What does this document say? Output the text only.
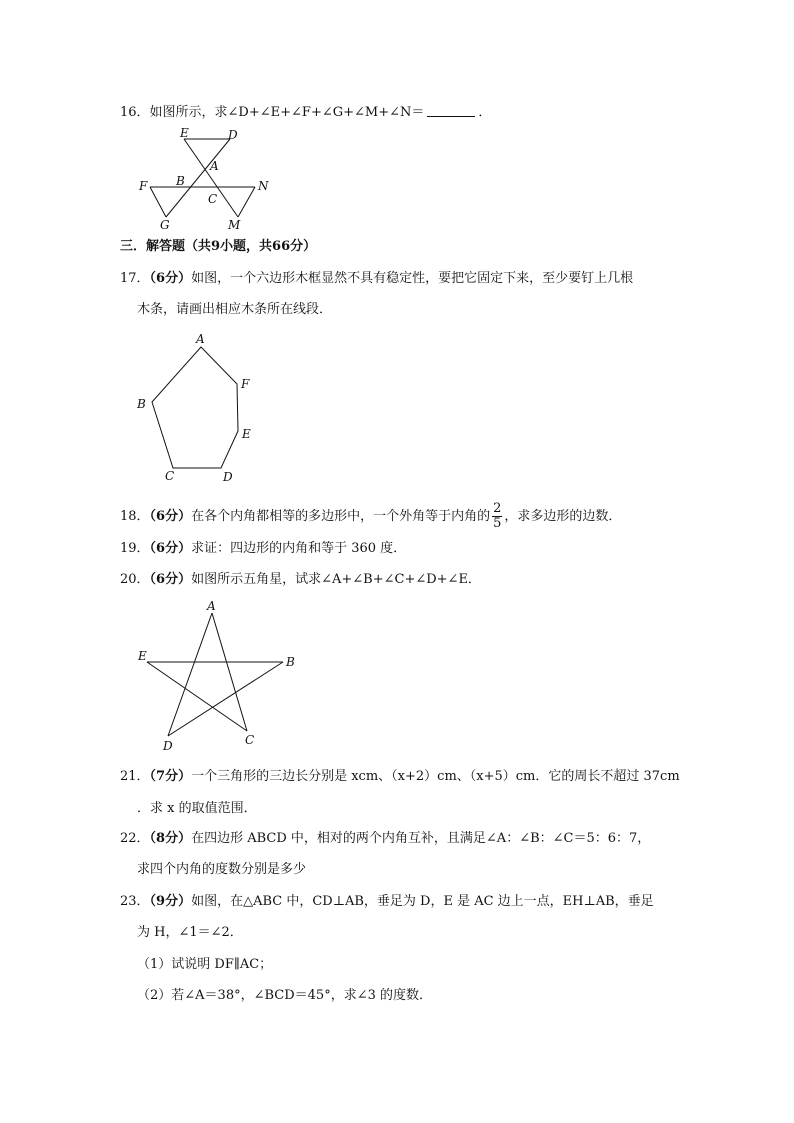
16．如图所示，求∠D+∠E+∠F+∠G+∠M+∠N＝	．
E	D
A
F B
C
N
G	M
三．解答题（共9小题，共66分）
17．（6分）如图，一个六边形木框显然不具有稳定性，要把它固定下来，至少要钉上几根
木条，请画出相应木条所在线段．
A
B
F
E
C	D
18．（6分）在各个内角都相等的多边形中，一个外角等于内角的 $\frac{2}{5}$ ，求多边形的边数．
19．（6分）求证：四边形的内角和等于 360 度．
20．（6分）如图所示五角星，试求∠A+∠B+∠C+∠D+∠E．
A
E	B
D	C
21．（7分）一个三角形的三边长分别是 xcm、（x+2）cm、（x+5）cm．它的周长不超过 37cm
．求 x 的取值范围．
22．（8分）在四边形 ABCD 中，相对的两个内角互补，且满足∠A：∠B：∠C＝5：6：7，
求四个内角的度数分别是多少
23．（9分）如图，在△ABC 中，CD⊥AB，垂足为 D，E 是 AC 边上一点，EH⊥AB，垂足
为 H，∠1＝∠2．
（1）试说明 DF∥AC；
（2）若∠A＝38°，∠BCD＝45°，求∠3 的度数．
